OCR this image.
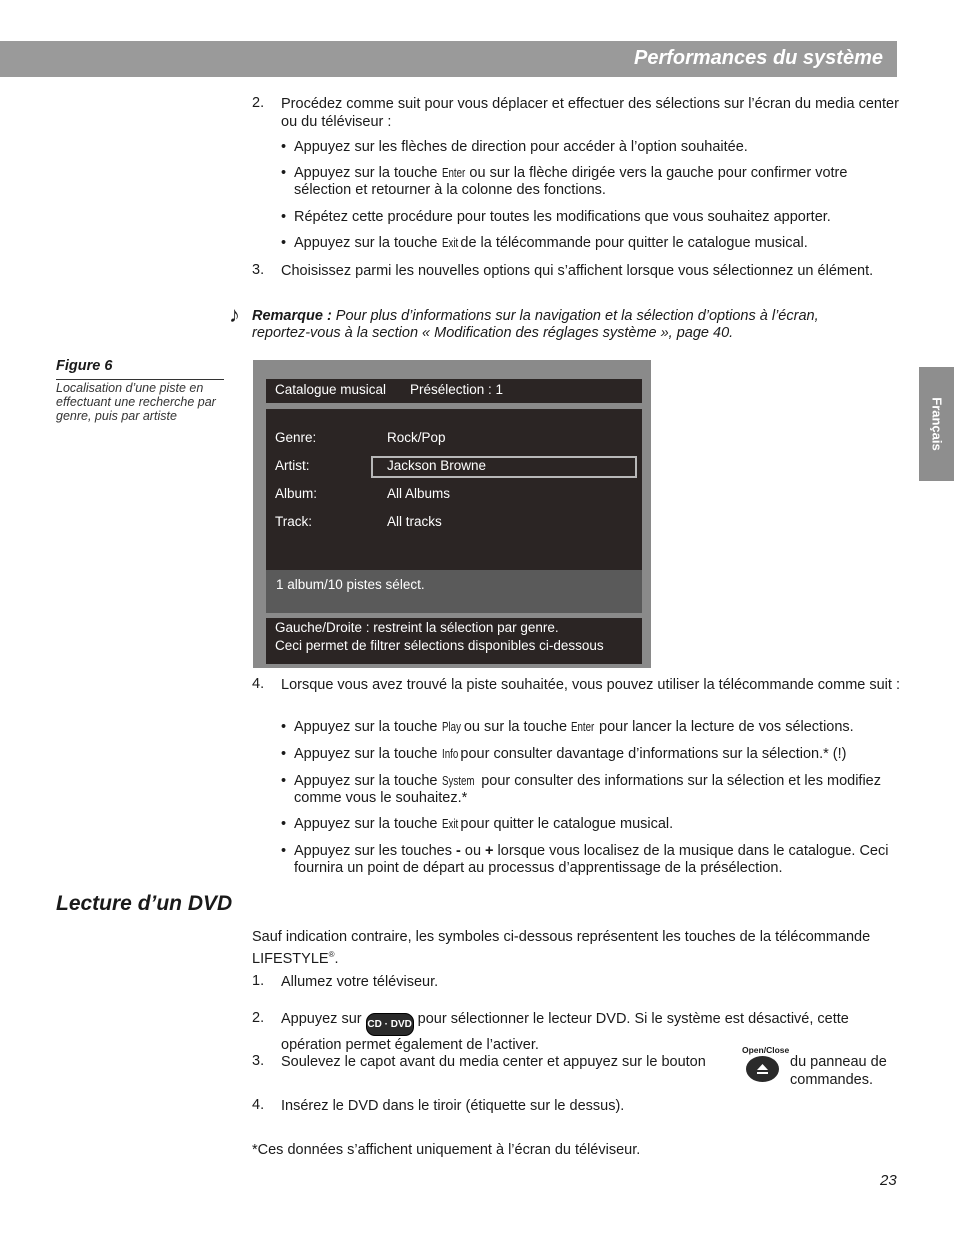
Performances du système
Français
2. Procédez comme suit pour vous déplacer et effectuer des sélections sur l’écran du media center ou du téléviseur :
• Appuyez sur les flèches de direction pour accéder à l’option souhaitée.
• Appuyez sur la touche Enter ou sur la flèche dirigée vers la gauche pour confirmer votre sélection et retourner à la colonne des fonctions.
• Répétez cette procédure pour toutes les modifications que vous souhaitez apporter.
• Appuyez sur la touche Exit de la télécommande pour quitter le catalogue musical.
3. Choisissez parmi les nouvelles options qui s’affichent lorsque vous sélectionnez un élément.
♪ Remarque : Pour plus d’informations sur la navigation et la sélection d’options à l’écran, reportez-vous à la section « Modification des réglages système », page 40.
Figure 6
Localisation d’une piste en effectuant une recherche par genre, puis par artiste
Catalogue musical Présélection : 1
Genre:	Rock/Pop
Artist:	Jackson Browne
Album:	All Albums
Track:	All tracks
1 album/10 pistes sélect.
Gauche/Droite : restreint la sélection par genre.
Ceci permet de filtrer sélections disponibles ci-dessous
4. Lorsque vous avez trouvé la piste souhaitée, vous pouvez utiliser la télécommande comme suit :
• Appuyez sur la touche Play ou sur la touche Enter pour lancer la lecture de vos sélections.
• Appuyez sur la touche Info pour consulter davantage d’informations sur la sélection.* (!)
• Appuyez sur la touche System pour consulter des informations sur la sélection et les modifiez comme vous le souhaitez.*
• Appuyez sur la touche Exit pour quitter le catalogue musical.
• Appuyez sur les touches - ou + lorsque vous localisez de la musique dans le catalogue. Ceci fournira un point de départ au processus d’apprentissage de la présélection.
Lecture d’un DVD
Sauf indication contraire, les symboles ci-dessous représentent les touches de la télécommande LIFESTYLE®.
1. Allumez votre téléviseur.
2. Appuyez sur CD · DVD pour sélectionner le lecteur DVD. Si le système est désactivé, cette opération permet également de l’activer.
3. Soulevez le capot avant du media center et appuyez sur le bouton
Open/Close
du panneau de commandes.
4. Insérez le DVD dans le tiroir (étiquette sur le dessus).
*Ces données s’affichent uniquement à l’écran du téléviseur.
23
